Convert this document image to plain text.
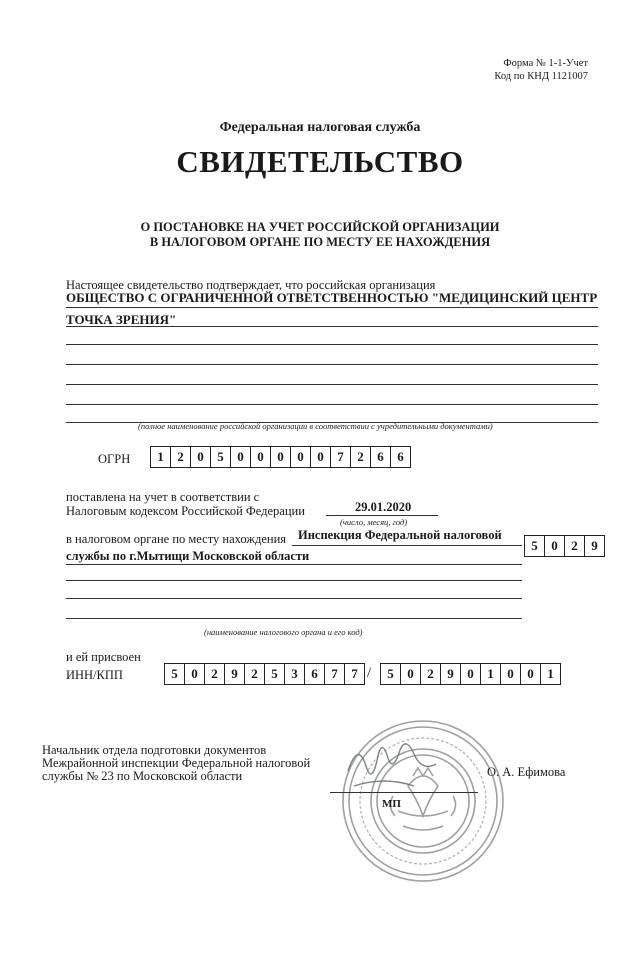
Форма № 1-1-Учет
Код по КНД 1121007
Федеральная налоговая служба
СВИДЕТЕЛЬСТВО
О ПОСТАНОВКЕ НА УЧЕТ РОССИЙСКОЙ ОРГАНИЗАЦИИ
В НАЛОГОВОМ ОРГАНЕ ПО МЕСТУ ЕЕ НАХОЖДЕНИЯ
Настоящее свидетельство подтверждает, что российская организация
ОБЩЕСТВО С ОГРАНИЧЕННОЙ ОТВЕТСТВЕННОСТЬЮ "МЕДИЦИНСКИЙ ЦЕНТР
ТОЧКА ЗРЕНИЯ"
(полное наименование российской организации в соответствии с учредительными документами)
ОГРН	1	2	0	5	0	0	0	0	0	7	2	6	6
поставлена на учет в соответствии с
Налоговым кодексом Российской Федерации	29.01.2020
(число, месяц, год)
в налоговом органе по месту нахождения Инспекция Федеральной налоговой
службы по г.Мытищи Московской области
(наименование налогового органа и его код)
5	0	2	9
и ей присвоен
ИНН/КПП	5	0	2	9	2	5	3	6	7	7 /	5	0	2	9	0	1	0	0	1
Начальник отдела подготовки документов
Межрайонной инспекции Федеральной налоговой
службы № 23 по Московской области	О. А. Ефимова
МП
